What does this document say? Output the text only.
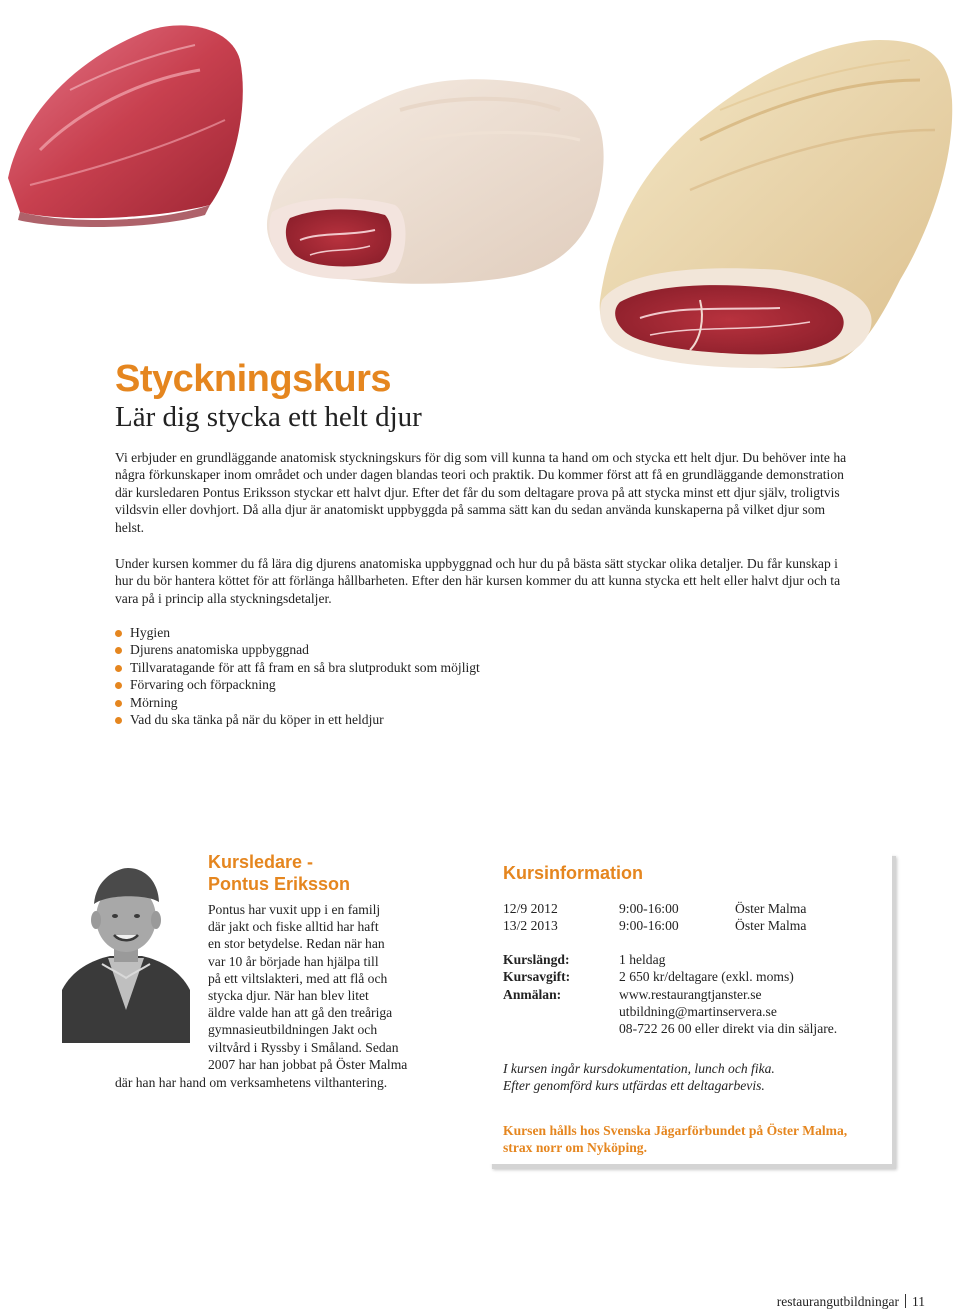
Styckningskurs
Lär dig stycka ett helt djur

Vi erbjuder en grundläggande anatomisk styckningskurs för dig som vill kunna ta hand om och stycka ett helt djur. Du behöver inte ha några förkunskaper inom området och under dagen blandas teori och praktik. Du kommer först att få en grundläggande demonstration där kursledaren Pontus Eriksson styckar ett halvt djur. Efter det får du som deltagare prova på att stycka minst ett djur själv, troligtvis vildsvin eller dovhjort. Då alla djur är anatomiskt uppbyggda på samma sätt kan du sedan använda kunskaperna på vilket djur som helst.

Under kursen kommer du få lära dig djurens anatomiska uppbyggnad och hur du på bästa sätt styckar olika detaljer. Du får kunskap i hur du bör hantera köttet för att förlänga hållbarheten. Efter den här kursen kommer du att kunna stycka ett helt eller halvt djur och ta vara på i princip alla styckningsdetaljer.

Hygien
Djurens anatomiska uppbyggnad
Tillvaratagande för att få fram en så bra slutprodukt som möjligt
Förvaring och förpackning
Mörning
Vad du ska tänka på när du köper in ett heldjur
Kursledare -
Pontus Eriksson
Pontus har vuxit upp i en familj
där jakt och fiske alltid har haft
en stor betydelse. Redan när han
var 10 år började han hjälpa till
på ett viltslakteri, med att flå och
stycka djur. När han blev litet
äldre valde han att gå den treåriga
gymnasieutbildningen Jakt och
viltvård i Ryssby i Småland. Sedan
2007 har han jobbat på Öster Malma
där han har hand om verksamhetens vilthantering.
Kursinformation
12/9 2012	9:00-16:00	Öster Malma
13/2 2013	9:00-16:00	Öster Malma
Kurslängd:	1 heldag
Kursavgift:	2 650 kr/deltagare (exkl. moms)
Anmälan:	www.restaurangtjanster.se
utbildning@martinservera.se
08-722 26 00 eller direkt via din säljare.
I kursen ingår kursdokumentation, lunch och fika.
Efter genomförd kurs utfärdas ett deltagarbevis.
Kursen hålls hos Svenska Jägarförbundet på Öster Malma,
strax norr om Nyköping.
restaurangutbildningar 11
